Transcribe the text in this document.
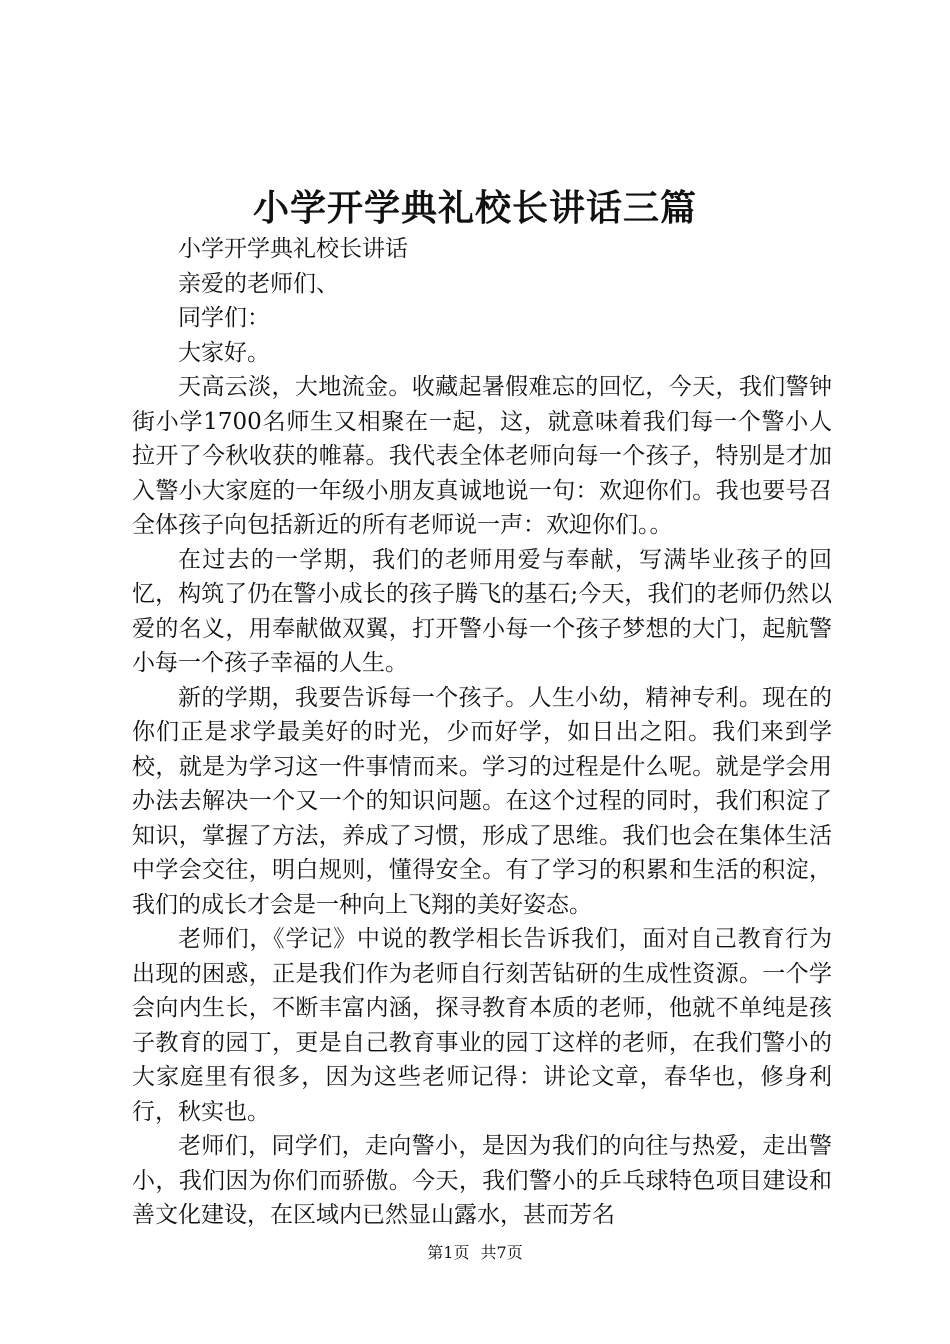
小学开学典礼校长讲话三篇

小学开学典礼校长讲话

亲爱的老师们、

同学们：

大家好。

天高云淡，大地流金。收藏起暑假难忘的回忆，今天，我们警钟街小学1700名师生又相聚在一起，这，就意味着我们每一个警小人拉开了今秋收获的帷幕。我代表全体老师向每一个孩子，特别是才加入警小大家庭的一年级小朋友真诚地说一句：欢迎你们。我也要号召全体孩子向包括新近的所有老师说一声：欢迎你们。。

在过去的一学期，我们的老师用爱与奉献，写满毕业孩子的回忆，构筑了仍在警小成长的孩子腾飞的基石;今天，我们的老师仍然以爱的名义，用奉献做双翼，打开警小每一个孩子梦想的大门，起航警小每一个孩子幸福的人生。

新的学期，我要告诉每一个孩子。人生小幼，精神专利。现在的你们正是求学最美好的时光，少而好学，如日出之阳。我们来到学校，就是为学习这一件事情而来。学习的过程是什么呢。就是学会用办法去解决一个又一个的知识问题。在这个过程的同时，我们积淀了知识，掌握了方法，养成了习惯，形成了思维。我们也会在集体生活中学会交往，明白规则，懂得安全。有了学习的积累和生活的积淀，我们的成长才会是一种向上飞翔的美好姿态。

老师们，《学记》中说的教学相长告诉我们，面对自己教育行为出现的困惑，正是我们作为老师自行刻苦钻研的生成性资源。一个学会向内生长，不断丰富内涵，探寻教育本质的老师，他就不单纯是孩子教育的园丁，更是自己教育事业的园丁这样的老师，在我们警小的大家庭里有很多，因为这些老师记得：讲论文章，春华也，修身利行，秋实也。

老师们，同学们，走向警小，是因为我们的向往与热爱，走出警小，我们因为你们而骄傲。今天，我们警小的乒乓球特色项目建设和善文化建设，在区域内已然显山露水，甚而芳名

第1页 共7页
